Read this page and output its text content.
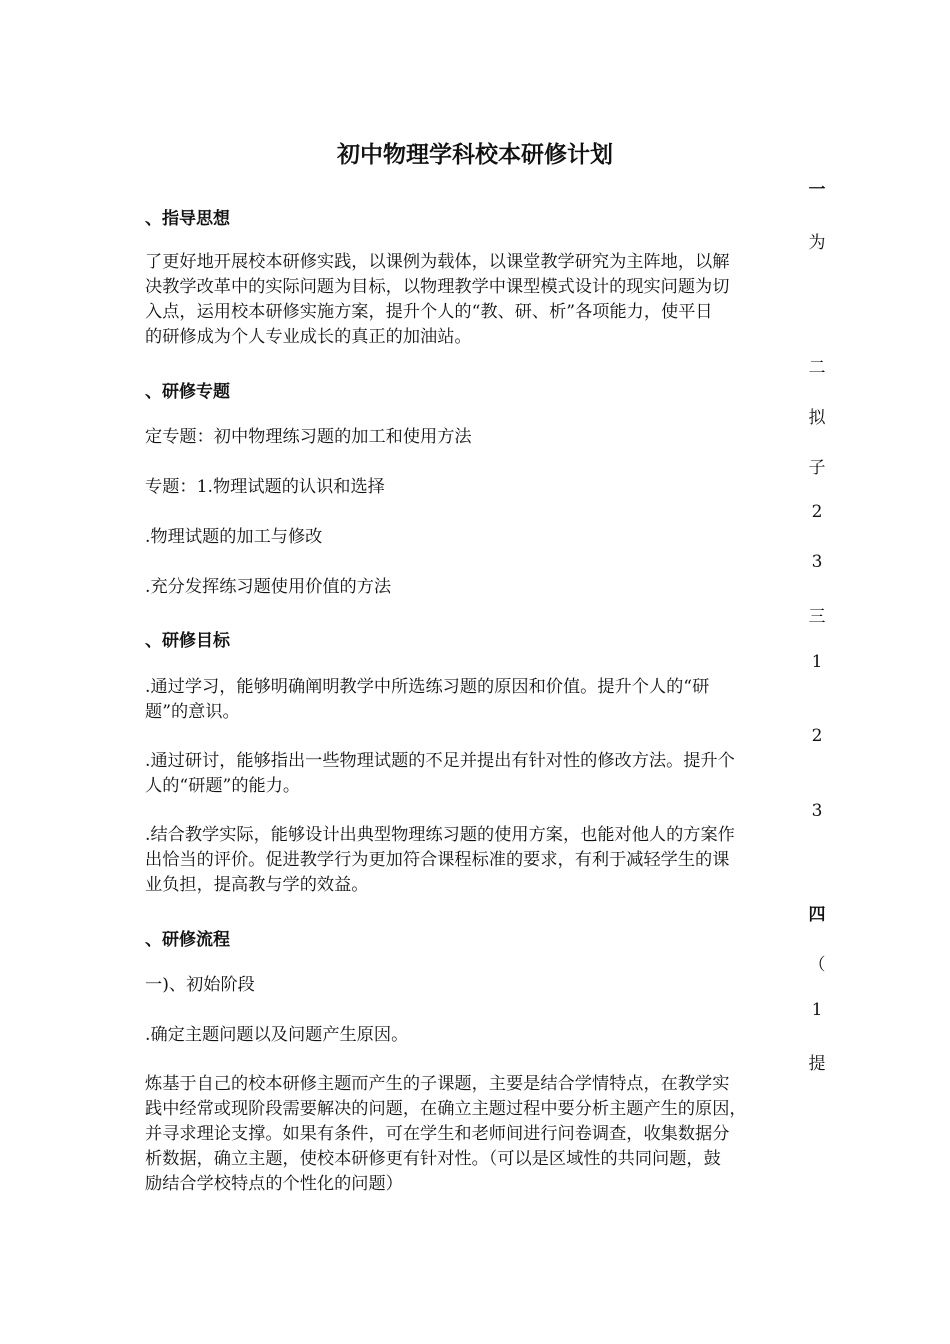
初中物理学科校本研修计划
、指导思想
了更好地开展校本研修实践，以课例为载体，以课堂教学研究为主阵地，以解
决教学改革中的实际问题为目标，以物理教学中课型模式设计的现实问题为切
入点，运用校本研修实施方案，提升个人的“教、研、析”各项能力，使平日
的研修成为个人专业成长的真正的加油站。
、研修专题
定专题：初中物理练习题的加工和使用方法
专题：1.物理试题的认识和选择
.物理试题的加工与修改
.充分发挥练习题使用价值的方法
、研修目标
.通过学习，能够明确阐明教学中所选练习题的原因和价值。提升个人的“研
题”的意识。
.通过研讨，能够指出一些物理试题的不足并提出有针对性的修改方法。提升个
人的“研题”的能力。
.结合教学实际，能够设计出典型物理练习题的使用方案，也能对他人的方案作
出恰当的评价。促进教学行为更加符合课程标准的要求，有利于减轻学生的课
业负担，提高教与学的效益。
、研修流程
一)、初始阶段
.确定主题问题以及问题产生原因。
炼基于自己的校本研修主题而产生的子课题，主要是结合学情特点，在教学实
践中经常或现阶段需要解决的问题，在确立主题过程中要分析主题产生的原因，
并寻求理论支撑。如果有条件，可在学生和老师间进行问卷调查，收集数据分
析数据，确立主题，使校本研修更有针对性。（可以是区域性的共同问题，鼓
励结合学校特点的个性化的问题）
一
为
二
拟
子
2
3
三
1
2
3
四
（
1
提
